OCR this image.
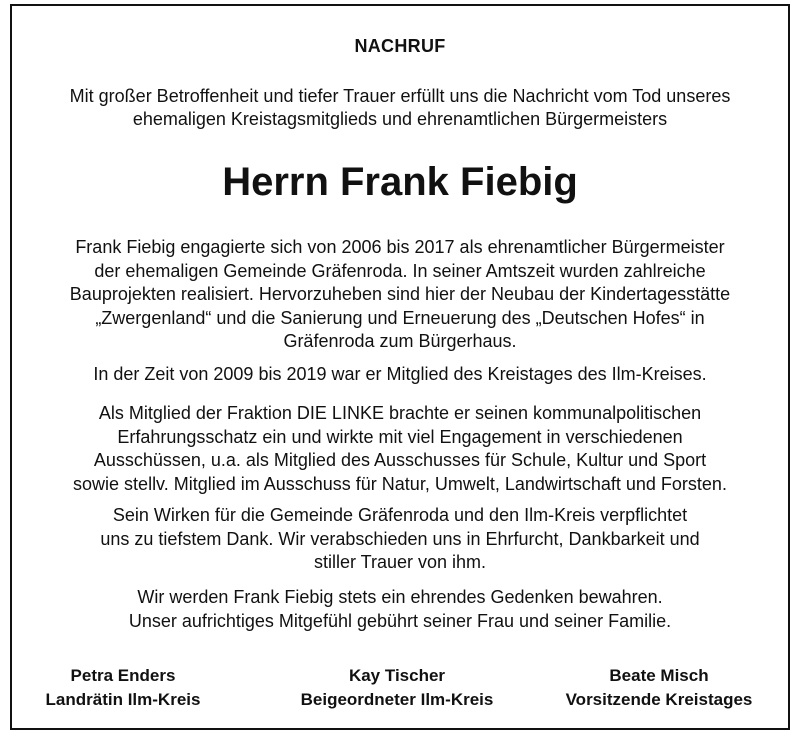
NACHRUF
Mit großer Betroffenheit und tiefer Trauer erfüllt uns die Nachricht vom Tod unseres
ehemaligen Kreistagsmitglieds und ehrenamtlichen Bürgermeisters
Herrn Frank Fiebig
Frank Fiebig engagierte sich von 2006 bis 2017 als ehrenamtlicher Bürgermeister
der ehemaligen Gemeinde Gräfenroda. In seiner Amtszeit wurden zahlreiche
Bauprojekten realisiert. Hervorzuheben sind hier der Neubau der Kindertagesstätte
„Zwergenland“ und die Sanierung und Erneuerung des „Deutschen Hofes“ in
Gräfenroda zum Bürgerhaus.
In der Zeit von 2009 bis 2019 war er Mitglied des Kreistages des Ilm-Kreises.
Als Mitglied der Fraktion DIE LINKE brachte er seinen kommunalpolitischen
Erfahrungsschatz ein und wirkte mit viel Engagement in verschiedenen
Ausschüssen, u.a. als Mitglied des Ausschusses für Schule, Kultur und Sport
sowie stellv. Mitglied im Ausschuss für Natur, Umwelt, Landwirtschaft und Forsten.
Sein Wirken für die Gemeinde Gräfenroda und den Ilm-Kreis verpflichtet
uns zu tiefstem Dank. Wir verabschieden uns in Ehrfurcht, Dankbarkeit und
stiller Trauer von ihm.
Wir werden Frank Fiebig stets ein ehrendes Gedenken bewahren.
Unser aufrichtiges Mitgefühl gebührt seiner Frau und seiner Familie.
Petra Enders
Landrätin Ilm-Kreis
Kay Tischer
Beigeordneter Ilm-Kreis
Beate Misch
Vorsitzende Kreistages
